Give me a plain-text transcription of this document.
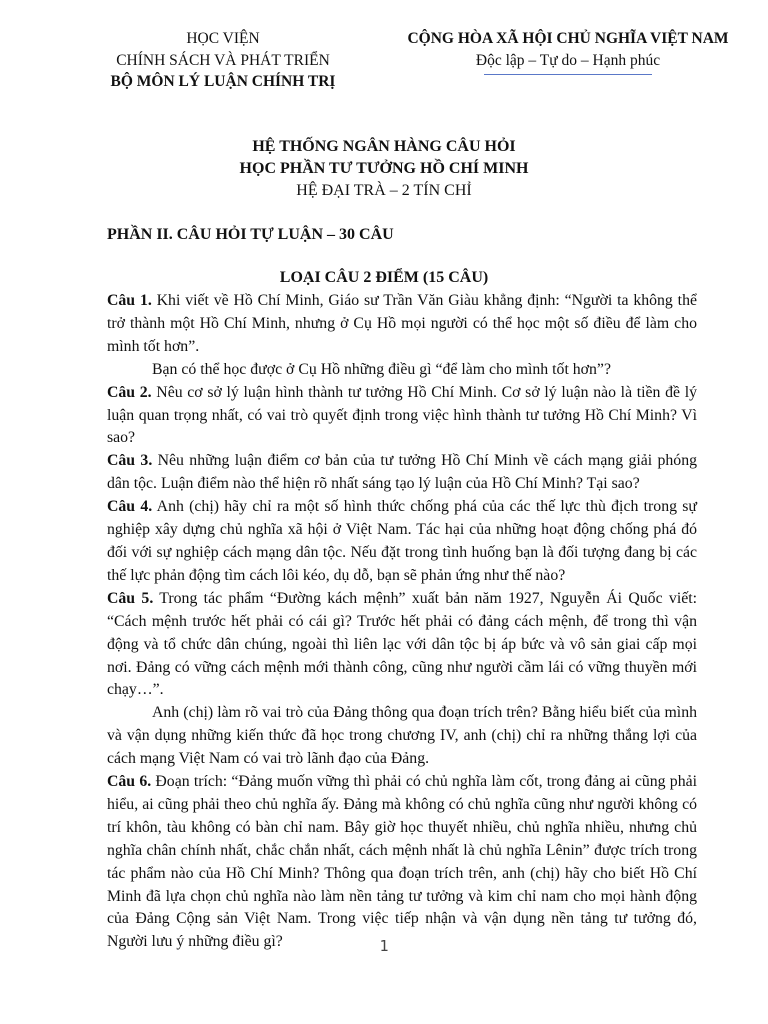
HỌC VIỆN
CHÍNH SÁCH VÀ PHÁT TRIỂN
BỘ MÔN LÝ LUẬN CHÍNH TRỊ
CỘNG HÒA XÃ HỘI CHỦ NGHĨA VIỆT NAM
Độc lập – Tự do – Hạnh phúc
HỆ THỐNG NGÂN HÀNG CÂU HỎI
HỌC PHẦN TƯ TƯỞNG HỒ CHÍ MINH
HỆ ĐẠI TRÀ – 2 TÍN CHỈ
PHẦN II. CÂU HỎI TỰ LUẬN – 30 CÂU
LOẠI CÂU 2 ĐIỂM (15 CÂU)

Câu 1. Khi viết về Hồ Chí Minh, Giáo sư Trần Văn Giàu khẳng định: “Người ta không thể trở thành một Hồ Chí Minh, nhưng ở Cụ Hồ mọi người có thể học một số điều để làm cho mình tốt hơn”.

Bạn có thể học được ở Cụ Hồ những điều gì “để làm cho mình tốt hơn”?

Câu 2. Nêu cơ sở lý luận hình thành tư tưởng Hồ Chí Minh. Cơ sở lý luận nào là tiền đề lý luận quan trọng nhất, có vai trò quyết định trong việc hình thành tư tưởng Hồ Chí Minh? Vì sao?

Câu 3. Nêu những luận điểm cơ bản của tư tưởng Hồ Chí Minh về cách mạng giải phóng dân tộc. Luận điểm nào thể hiện rõ nhất sáng tạo lý luận của Hồ Chí Minh? Tại sao?

Câu 4. Anh (chị) hãy chỉ ra một số hình thức chống phá của các thế lực thù địch trong sự nghiệp xây dựng chủ nghĩa xã hội ở Việt Nam. Tác hại của những hoạt động chống phá đó đối với sự nghiệp cách mạng dân tộc. Nếu đặt trong tình huống bạn là đối tượng đang bị các thế lực phản động tìm cách lôi kéo, dụ dỗ, bạn sẽ phản ứng như thế nào?

Câu 5. Trong tác phẩm “Đường kách mệnh” xuất bản năm 1927, Nguyễn Ái Quốc viết: “Cách mệnh trước hết phải có cái gì? Trước hết phải có đảng cách mệnh, để trong thì vận động và tổ chức dân chúng, ngoài thì liên lạc với dân tộc bị áp bức và vô sản giai cấp mọi nơi. Đảng có vững cách mệnh mới thành công, cũng như người cầm lái có vững thuyền mới chạy…”.

Anh (chị) làm rõ vai trò của Đảng thông qua đoạn trích trên? Bằng hiểu biết của mình và vận dụng những kiến thức đã học trong chương IV, anh (chị) chỉ ra những thắng lợi của cách mạng Việt Nam có vai trò lãnh đạo của Đảng.

Câu 6. Đoạn trích: “Đảng muốn vững thì phải có chủ nghĩa làm cốt, trong đảng ai cũng phải hiểu, ai cũng phải theo chủ nghĩa ấy. Đảng mà không có chủ nghĩa cũng như người không có trí khôn, tàu không có bàn chỉ nam. Bây giờ học thuyết nhiều, chủ nghĩa nhiều, nhưng chủ nghĩa chân chính nhất, chắc chắn nhất, cách mệnh nhất là chủ nghĩa Lênin” được trích trong tác phẩm nào của Hồ Chí Minh? Thông qua đoạn trích trên, anh (chị) hãy cho biết Hồ Chí Minh đã lựa chọn chủ nghĩa nào làm nền tảng tư tưởng và kim chỉ nam cho mọi hành động của Đảng Cộng sản Việt Nam. Trong việc tiếp nhận và vận dụng nền tảng tư tưởng đó, Người lưu ý những điều gì?	1
